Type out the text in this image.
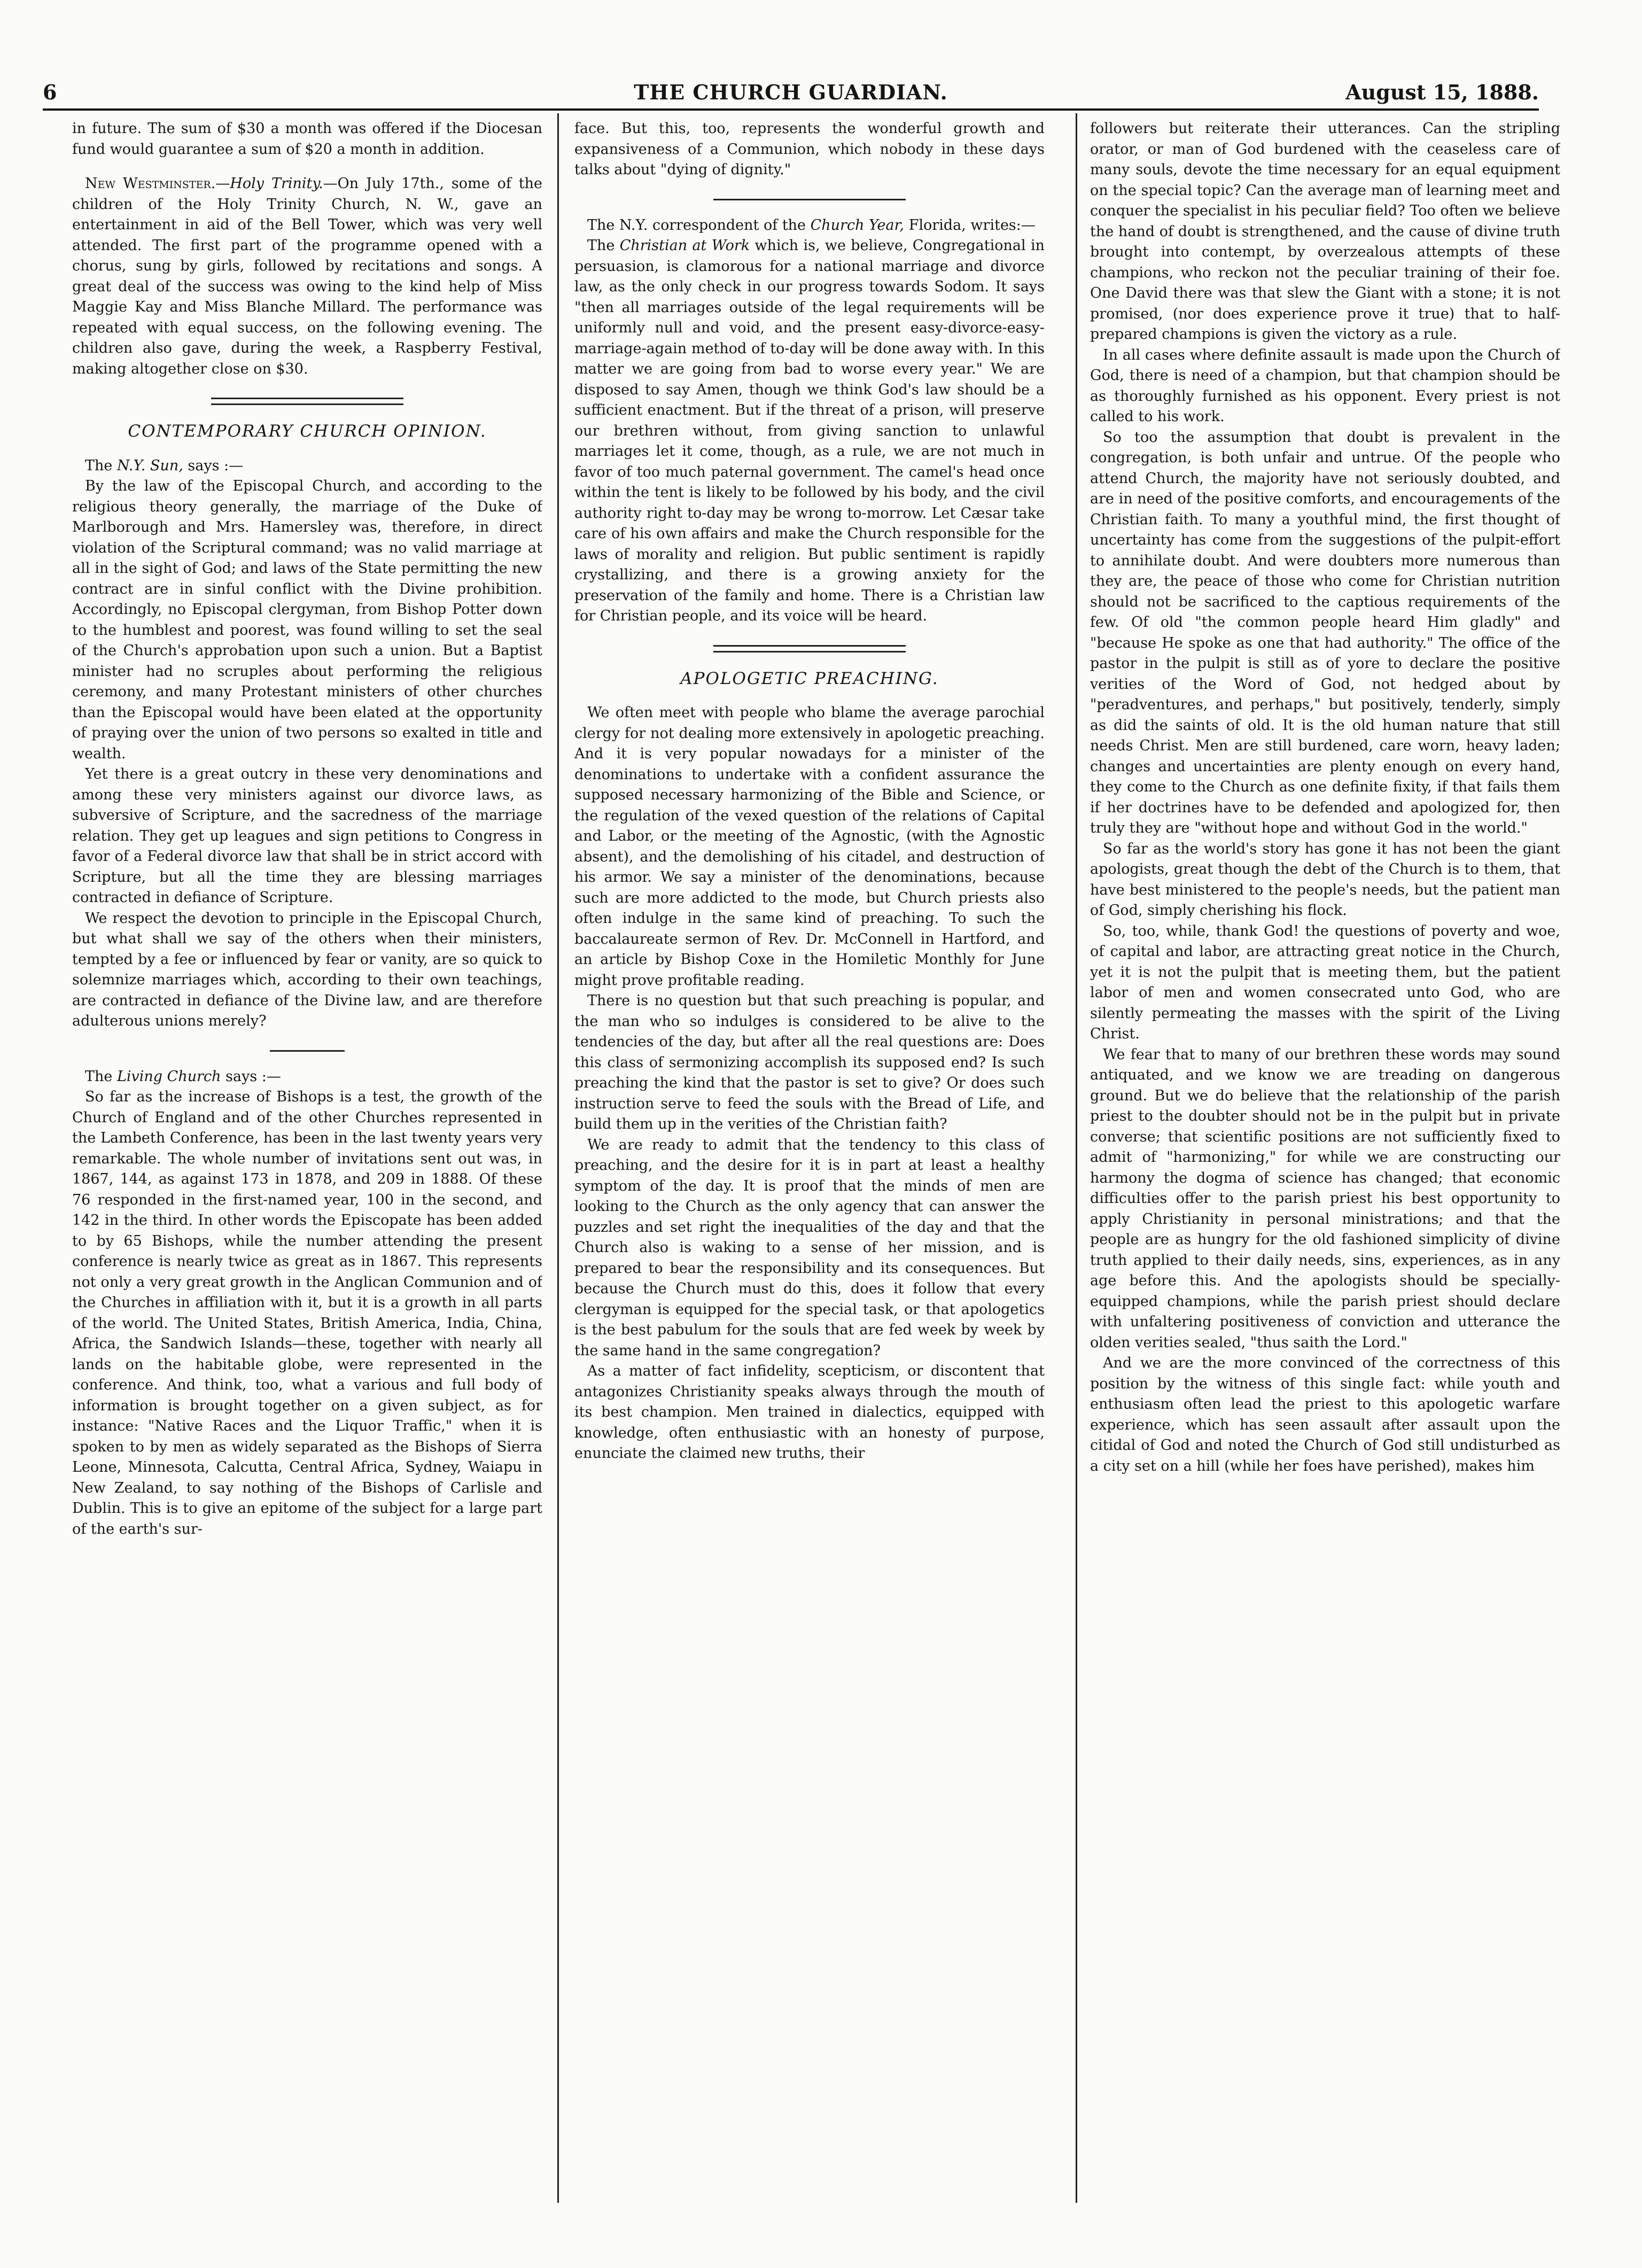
6	THE CHURCH GUARDIAN.	August 15, 1888.

in future. The sum of $30 a month was offered if the Diocesan fund would guarantee a sum of $20 a month in addition.

New Westminster.—Holy Trinity.—On July 17th., some of the children of the Holy Trinity Church, N. W., gave an entertainment in aid of the Bell Tower, which was very well attended. The first part of the programme opened with a chorus, sung by girls, followed by recitations and songs. A great deal of the success was owing to the kind help of Miss Maggie Kay and Miss Blanche Millard. The performance was repeated with equal success, on the following evening. The children also gave, during the week, a Raspberry Festival, making altogether close on $30.

CONTEMPORARY CHURCH OPINION.

The N.Y. Sun, says :—

By the law of the Episcopal Church, and according to the religious theory generally, the marriage of the Duke of Marlborough and Mrs. Hamersley was, therefore, in direct violation of the Scriptural command; was no valid marriage at all in the sight of God; and laws of the State permitting the new contract are in sinful conflict with the Divine prohibition. Accordingly, no Episcopal clergyman, from Bishop Potter down to the humblest and poorest, was found willing to set the seal of the Church's approbation upon such a union. But a Baptist minister had no scruples about performing the religious ceremony, and many Protestant ministers of other churches than the Episcopal would have been elated at the opportunity of praying over the union of two persons so exalted in title and wealth.

Yet there is a great outcry in these very denominations and among these very ministers against our divorce laws, as subversive of Scripture, and the sacredness of the marriage relation. They get up leagues and sign petitions to Congress in favor of a Federal divorce law that shall be in strict accord with Scripture, but all the time they are blessing marriages contracted in defiance of Scripture.

We respect the devotion to principle in the Episcopal Church, but what shall we say of the others when their ministers, tempted by a fee or influenced by fear or vanity, are so quick to solemnize marriages which, according to their own teachings, are contracted in defiance of the Divine law, and are therefore adulterous unions merely?

The Living Church says :—

So far as the increase of Bishops is a test, the growth of the Church of England and of the other Churches represented in the Lambeth Conference, has been in the last twenty years very remarkable. The whole number of invitations sent out was, in 1867, 144, as against 173 in 1878, and 209 in 1888. Of these 76 responded in the first-named year, 100 in the second, and 142 in the third. In other words the Episcopate has been added to by 65 Bishops, while the number attending the present conference is nearly twice as great as in 1867. This represents not only a very great growth in the Anglican Communion and of the Churches in affiliation with it, but it is a growth in all parts of the world. The United States, British America, India, China, Africa, the Sandwich Islands—these, together with nearly all lands on the habitable globe, were represented in the conference. And think, too, what a various and full body of information is brought together on a given subject, as for instance: "Native Races and the Liquor Traffic," when it is spoken to by men as widely separated as the Bishops of Sierra Leone, Minnesota, Calcutta, Central Africa, Sydney, Waiapu in New Zealand, to say nothing of the Bishops of Carlisle and Dublin. This is to give an epitome of the subject for a large part of the earth's sur-

face. But this, too, represents the wonderful growth and expansiveness of a Communion, which nobody in these days talks about "dying of dignity."

The N.Y. correspondent of the Church Year, Florida, writes:—

The Christian at Work which is, we believe, Congregational in persuasion, is clamorous for a national marriage and divorce law, as the only check in our progress towards Sodom. It says "then all marriages outside of the legal requirements will be uniformly null and void, and the present easy-divorce-easy-marriage-again method of to-day will be done away with. In this matter we are going from bad to worse every year." We are disposed to say Amen, though we think God's law should be a sufficient enactment. But if the threat of a prison, will preserve our brethren without, from giving sanction to unlawful marriages let it come, though, as a rule, we are not much in favor of too much paternal government. The camel's head once within the tent is likely to be followed by his body, and the civil authority right to-day may be wrong to-morrow. Let Cæsar take care of his own affairs and make the Church responsible for the laws of morality and religion. But public sentiment is rapidly crystallizing, and there is a growing anxiety for the preservation of the family and home. There is a Christian law for Christian people, and its voice will be heard.

APOLOGETIC PREACHING.

We often meet with people who blame the average parochial clergy for not dealing more extensively in apologetic preaching. And it is very popular nowadays for a minister of the denominations to undertake with a confident assurance the supposed necessary harmonizing of the Bible and Science, or the regulation of the vexed question of the relations of Capital and Labor, or the meeting of the Agnostic, (with the Agnostic absent), and the demolishing of his citadel, and destruction of his armor. We say a minister of the denominations, because such are more addicted to the mode, but Church priests also often indulge in the same kind of preaching. To such the baccalaureate sermon of Rev. Dr. McConnell in Hartford, and an article by Bishop Coxe in the Homiletic Monthly for June might prove profitable reading.

There is no question but that such preaching is popular, and the man who so indulges is considered to be alive to the tendencies of the day, but after all the real questions are: Does this class of sermonizing accomplish its supposed end? Is such preaching the kind that the pastor is set to give? Or does such instruction serve to feed the souls with the Bread of Life, and build them up in the verities of the Christian faith?

We are ready to admit that the tendency to this class of preaching, and the desire for it is in part at least a healthy symptom of the day. It is proof that the minds of men are looking to the Church as the only agency that can answer the puzzles and set right the inequalities of the day and that the Church also is waking to a sense of her mission, and is prepared to bear the responsibility and its consequences. But because the Church must do this, does it follow that every clergyman is equipped for the special task, or that apologetics is the best pabulum for the souls that are fed week by week by the same hand in the same congregation?

As a matter of fact infidelity, scepticism, or discontent that antagonizes Christianity speaks always through the mouth of its best champion. Men trained in dialectics, equipped with knowledge, often enthusiastic with an honesty of purpose, enunciate the claimed new truths, their

followers but reiterate their utterances. Can the stripling orator, or man of God burdened with the ceaseless care of many souls, devote the time necessary for an equal equipment on the special topic? Can the average man of learning meet and conquer the specialist in his peculiar field? Too often we believe the hand of doubt is strengthened, and the cause of divine truth brought into contempt, by overzealous attempts of these champions, who reckon not the peculiar training of their foe. One David there was that slew the Giant with a stone; it is not promised, (nor does experience prove it true) that to half-prepared champions is given the victory as a rule.

In all cases where definite assault is made upon the Church of God, there is need of a champion, but that champion should be as thoroughly furnished as his opponent. Every priest is not called to his work.

So too the assumption that doubt is prevalent in the congregation, is both unfair and untrue. Of the people who attend Church, the majority have not seriously doubted, and are in need of the positive comforts, and encouragements of the Christian faith. To many a youthful mind, the first thought of uncertainty has come from the suggestions of the pulpit-effort to annihilate doubt. And were doubters more numerous than they are, the peace of those who come for Christian nutrition should not be sacrificed to the captious requirements of the few. Of old "the common people heard Him gladly" and "because He spoke as one that had authority." The office of the pastor in the pulpit is still as of yore to declare the positive verities of the Word of God, not hedged about by "peradventures, and perhaps," but positively, tenderly, simply as did the saints of old. It is the old human nature that still needs Christ. Men are still burdened, care worn, heavy laden; changes and uncertainties are plenty enough on every hand, they come to the Church as one definite fixity, if that fails them if her doctrines have to be defended and apologized for, then truly they are "without hope and without God in the world."

So far as the world's story has gone it has not been the giant apologists, great though the debt of the Church is to them, that have best ministered to the people's needs, but the patient man of God, simply cherishing his flock.

So, too, while, thank God! the questions of poverty and woe, of capital and labor, are attracting great notice in the Church, yet it is not the pulpit that is meeting them, but the patient labor of men and women consecrated unto God, who are silently permeating the masses with the spirit of the Living Christ.

We fear that to many of our brethren these words may sound antiquated, and we know we are treading on dangerous ground. But we do believe that the relationship of the parish priest to the doubter should not be in the pulpit but in private converse; that scientific positions are not sufficiently fixed to admit of "harmonizing," for while we are constructing our harmony the dogma of science has changed; that economic difficulties offer to the parish priest his best opportunity to apply Christianity in personal ministrations; and that the people are as hungry for the old fashioned simplicity of divine truth applied to their daily needs, sins, experiences, as in any age before this. And the apologists should be specially-equipped champions, while the parish priest should declare with unfaltering positiveness of conviction and utterance the olden verities sealed, "thus saith the Lord."

And we are the more convinced of the correctness of this position by the witness of this single fact: while youth and enthusiasm often lead the priest to this apologetic warfare experience, which has seen assault after assault upon the citidal of God and noted the Church of God still undisturbed as a city set on a hill (while her foes have perished), makes him
